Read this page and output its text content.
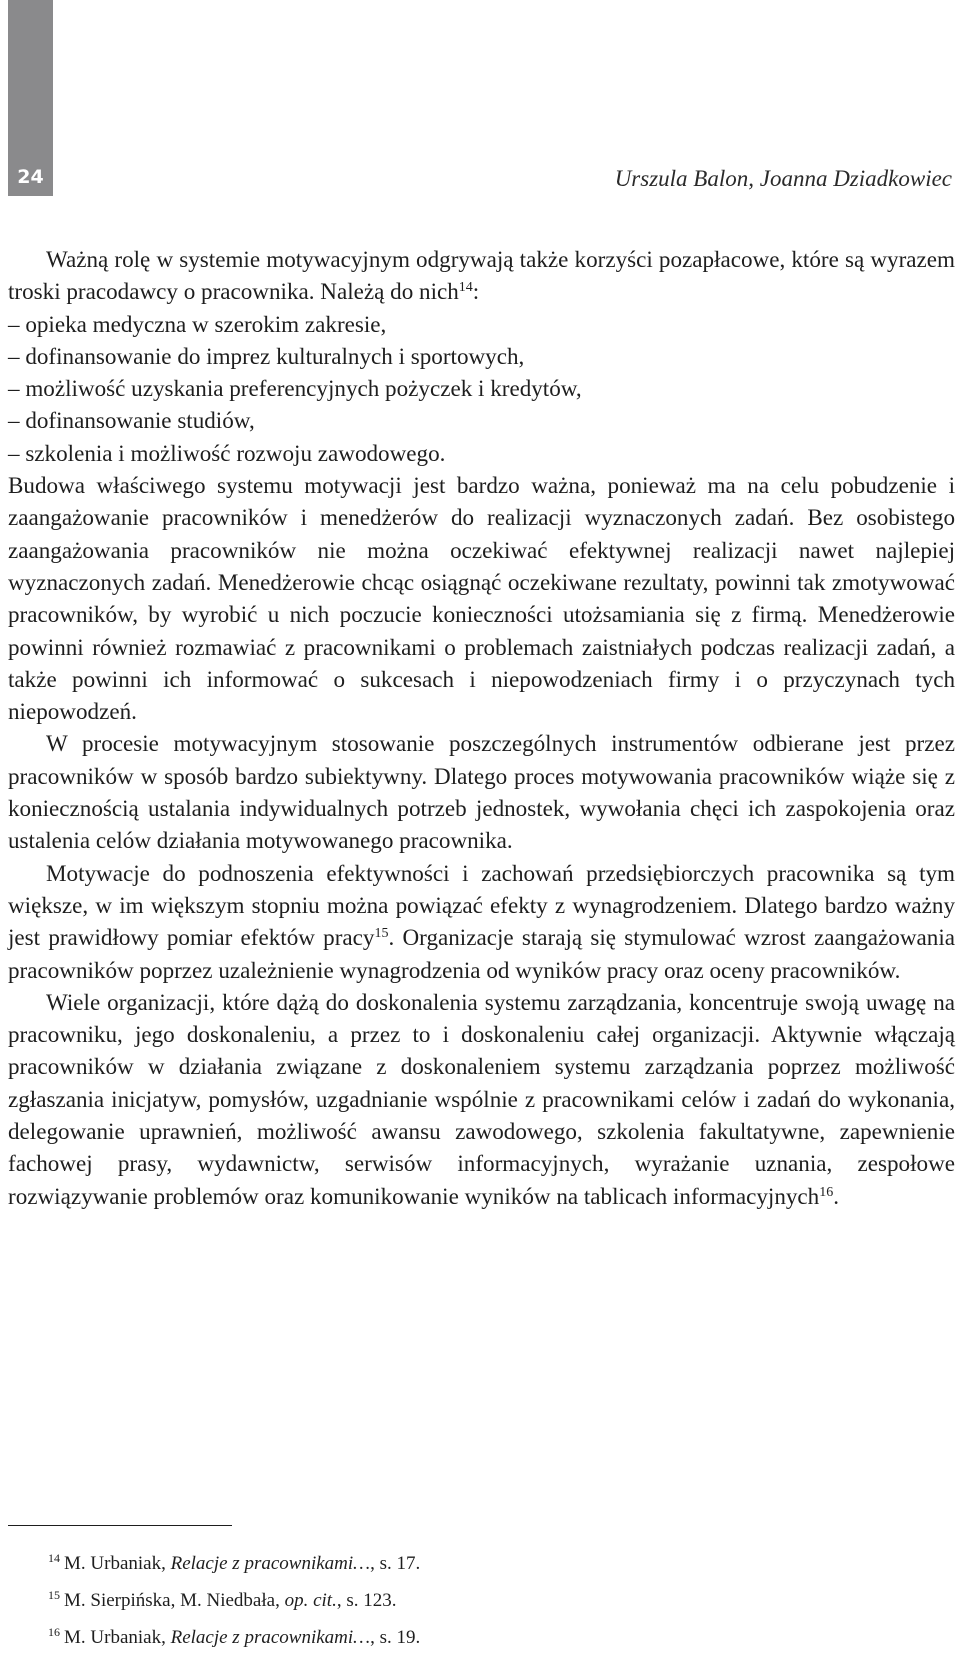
24	Urszula Balon, Joanna Dziadkowiec

Ważną rolę w systemie motywacyjnym odgrywają także korzyści pozapłacowe, które są wyrazem troski pracodawcy o pracownika. Należą do nich$^{14}$:

– opieka medyczna w szerokim zakresie,

– dofinansowanie do imprez kulturalnych i sportowych,

– możliwość uzyskania preferencyjnych pożyczek i kredytów,

– dofinansowanie studiów,

– szkolenia i możliwość rozwoju zawodowego.

Budowa właściwego systemu motywacji jest bardzo ważna, ponieważ ma na celu pobudzenie i zaangażowanie pracowników i menedżerów do realizacji wyznaczonych zadań. Bez osobistego zaangażowania pracowników nie można oczekiwać efektywnej realizacji nawet najlepiej wyznaczonych zadań. Menedżerowie chcąc osiągnąć oczekiwane rezultaty, powinni tak zmotywować pracowników, by wyrobić u nich poczucie konieczności utożsamiania się z firmą. Menedżerowie powinni również rozmawiać z pracownikami o problemach zaistniałych podczas realizacji zadań, a także powinni ich informować o sukcesach i niepowodzeniach firmy i o przyczynach tych niepowodzeń.

W procesie motywacyjnym stosowanie poszczególnych instrumentów odbierane jest przez pracowników w sposób bardzo subiektywny. Dlatego proces motywowania pracowników wiąże się z koniecznością ustalania indywidualnych potrzeb jednostek, wywołania chęci ich zaspokojenia oraz ustalenia celów działania motywowanego pracownika.

Motywacje do podnoszenia efektywności i zachowań przedsiębiorczych pracownika są tym większe, w im większym stopniu można powiązać efekty z wynagrodzeniem. Dlatego bardzo ważny jest prawidłowy pomiar efektów pracy$^{15}$. Organizacje starają się stymulować wzrost zaangażowania pracowników poprzez uzależnienie wynagrodzenia od wyników pracy oraz oceny pracowników.

Wiele organizacji, które dążą do doskonalenia systemu zarządzania, koncentruje swoją uwagę na pracowniku, jego doskonaleniu, a przez to i doskonaleniu całej organizacji. Aktywnie włączają pracowników w działania związane z doskonaleniem systemu zarządzania poprzez możliwość zgłaszania inicjatyw, pomysłów, uzgadnianie wspólnie z pracownikami celów i zadań do wykonania, delegowanie uprawnień, możliwość awansu zawodowego, szkolenia fakultatywne, zapewnienie fachowej prasy, wydawnictw, serwisów informacyjnych, wyrażanie uznania, zespołowe rozwiązywanie problemów oraz komunikowanie wyników na tablicach informacyjnych$^{16}$.

$^{14}$ M. Urbaniak, Relacje z pracownikami…, s. 17.
$^{15}$ M. Sierpińska, M. Niedbała, op. cit., s. 123.
$^{16}$ M. Urbaniak, Relacje z pracownikami…, s. 19.
